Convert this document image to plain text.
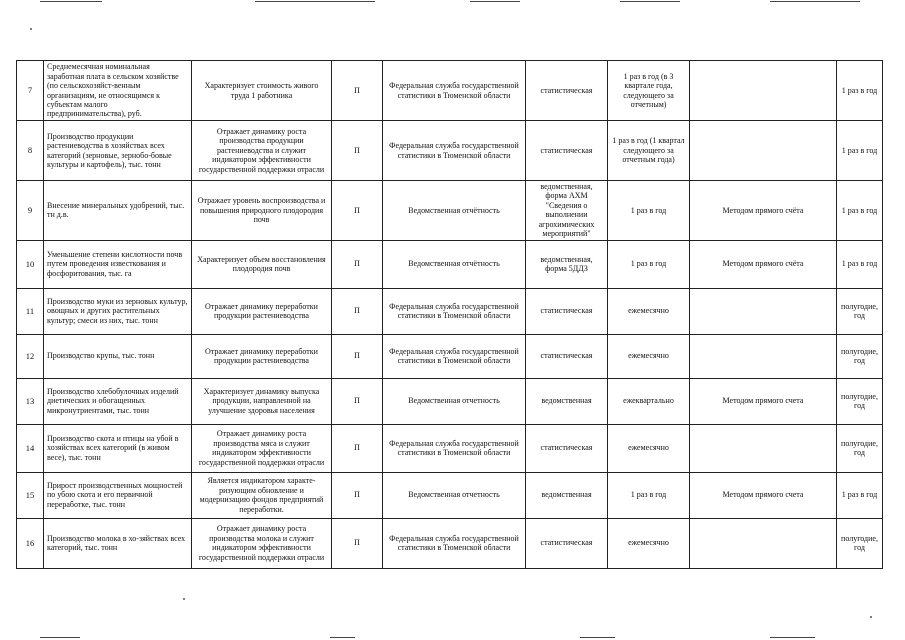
7	Среднемесячная номинальная заработная плата в сельском хозяйстве (по сельскохозяйст-венным организациям, не относящимся к субъектам малого предпринимательства), руб.	Характеризует стоимость живого труда 1 работника	П	Федеральная служба государственной статистики в Тюменской области	статистическая	1 раз в год (в 3 квартале года, следующего за отчетным)		1 раз в год
8	Производство продукции растениеводства в хозяйствах всех категорий (зерновые, зернобо-бовые культуры и картофель), тыс. тонн	Отражает динамику роста производства продукции растениеводства и служит индикатором эффективности государственной поддержки отрасли	П	Федеральная служба государственной статистики в Тюменской области	статистическая	1 раз в год (1 квартал следующего за отчетным года)		1 раз в год
9	Внесение минеральных удобрений, тыс. тн д.в.	Отражает уровень воспроизводства и повышения природного плодородия почв	П	Ведомственная отчётность	ведомственная, форма АХМ "Сведения о выполнении агрохимических мероприятий"	1 раз в год	Методом прямого счёта	1 раз в год
10	Уменьшение степени кислотности почв путем проведения известкования и фосфоритования, тыс. га	Характеризует объем восстановления плодородия почв	П	Ведомственная отчётность	ведомственная, форма 5ДДЗ	1 раз в год	Методом прямого счёта	1 раз в год
11	Производство муки из зерновых культур, овощных и других растительных культур; смеси из них, тыс. тонн	Отражает динамику переработки продукции растениеводства	П	Федеральная служба государственной статистики в Тюменской области	статистическая	ежемесячно		полугодие, год
12	Производство крупы, тыс. тонн	Отражает динамику переработки продукции растениеводства	П	Федеральная служба государственной статистики в Тюменской области	статистическая	ежемесячно		полугодие, год
13	Производство хлебобулочных изделий диетических и обогащенных микронутриентами, тыс. тонн	Характеризует динамику выпуска продукции, направленной на улучшение здоровья населения	П	Ведомственная отчетность	ведомственная	ежеквартально	Методом прямого счета	полугодие, год
14	Производство скота и птицы на убой в хозяйствах всех категорий (в живом весе), тыс. тонн	Отражает динамику роста производства мяса и служит индикатором эффективности государственной поддержки отрасли	П	Федеральная служба государственной статистики в Тюменской области	статистическая	ежемесячно		полугодие, год
15	Прирост производственных мощностей по убою скота и его первичной переработке, тыс. тонн	Является индикатором характе-ризующим обновление и модернизацию фондов предприятий переработки.	П	Ведомственная отчетность	ведомственная	1 раз в год	Методом прямого счета	1 раз в год
16	Производство молока в хо-зяйствах всех категорий, тыс. тонн	Отражает динамику роста производства молока и служит индикатором эффективности государственной поддержки отрасли	П	Федеральная служба государственной статистики в Тюменской области	статистическая	ежемесячно		полугодие, год
